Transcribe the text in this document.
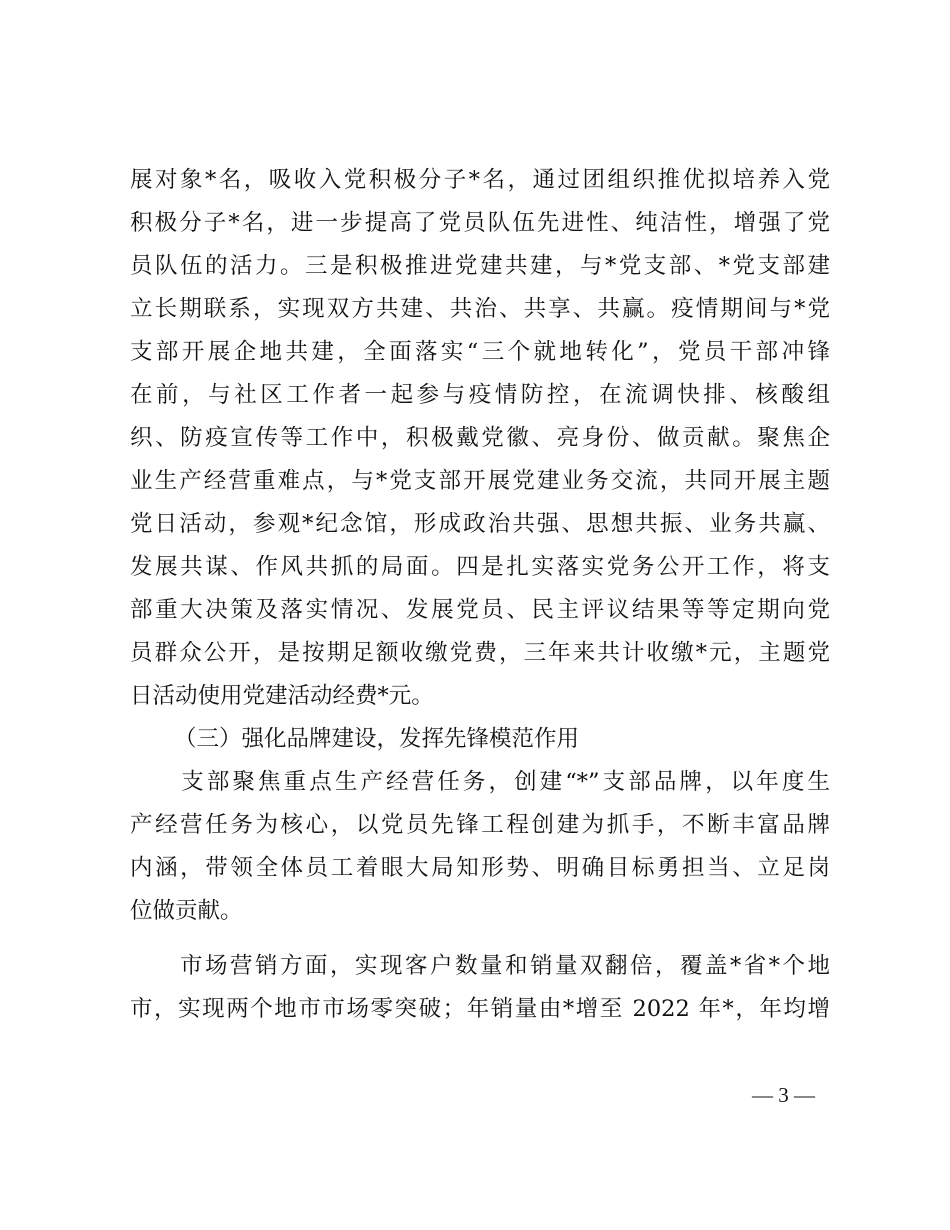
展对象*名，吸收入党积极分子*名，通过团组织推优拟培养入党
积极分子*名，进一步提高了党员队伍先进性、纯洁性，增强了党
员队伍的活力。三是积极推进党建共建，与*党支部、*党支部建
立长期联系，实现双方共建、共治、共享、共赢。疫情期间与*党
支部开展企地共建，全面落实“三个就地转化”，党员干部冲锋
在前，与社区工作者一起参与疫情防控，在流调快排、核酸组
织、防疫宣传等工作中，积极戴党徽、亮身份、做贡献。聚焦企
业生产经营重难点，与*党支部开展党建业务交流，共同开展主题
党日活动，参观*纪念馆，形成政治共强、思想共振、业务共赢、
发展共谋、作风共抓的局面。四是扎实落实党务公开工作，将支
部重大决策及落实情况、发展党员、民主评议结果等等定期向党
员群众公开，是按期足额收缴党费，三年来共计收缴*元，主题党
日活动使用党建活动经费*元。
（三）强化品牌建设，发挥先锋模范作用
　　支部聚焦重点生产经营任务，创建“*”支部品牌，以年度生
产经营任务为核心，以党员先锋工程创建为抓手，不断丰富品牌
内涵，带领全体员工着眼大局知形势、明确目标勇担当、立足岗
位做贡献。
　　市场营销方面，实现客户数量和销量双翻倍，覆盖*省*个地
市，实现两个地市市场零突破；年销量由*增至 2022 年*，年均增
— 3 —
